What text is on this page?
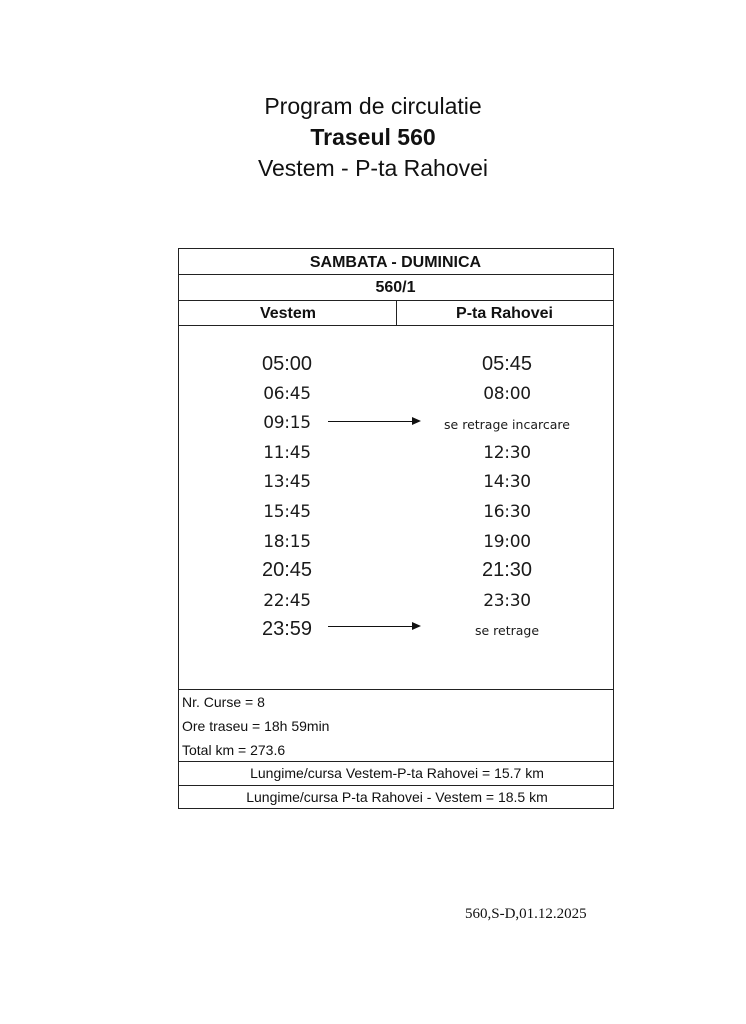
Program de circulatie
Traseul 560
Vestem - P-ta Rahovei
SAMBATA - DUMINICA
560/1
Vestem	P-ta Rahovei
05:00	05:45
06:45	08:00
09:15	se retrage incarcare
11:45	12:30
13:45	14:30
15:45	16:30
18:15	19:00
20:45	21:30
22:45	23:30
23:59	se retrage
Nr. Curse = 8
Ore traseu = 18h 59min
Total km = 273.6
Lungime/cursa Vestem-P-ta Rahovei = 15.7 km
Lungime/cursa P-ta Rahovei - Vestem = 18.5 km
560,S-D,01.12.2025
